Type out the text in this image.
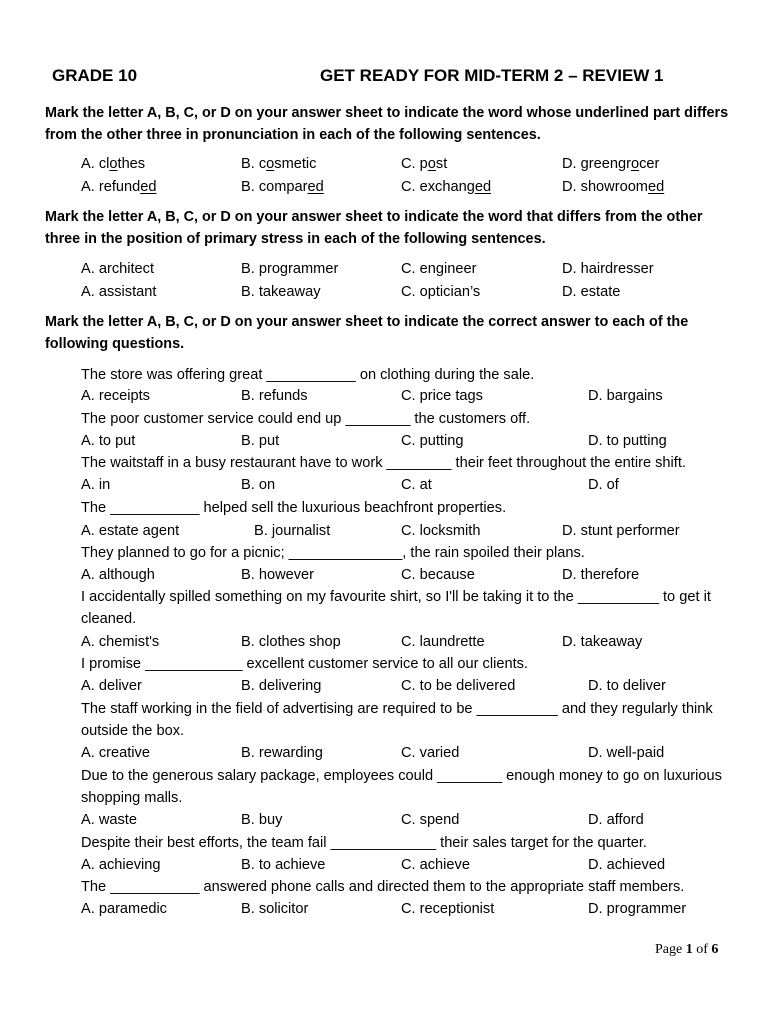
GRADE 10	GET READY FOR MID-TERM 2 – REVIEW 1
Mark the letter A, B, C, or D on your answer sheet to indicate the word whose underlined part differs from the other three in pronunciation in each of the following sentences.
A. clothes	B. cosmetic	C. post	D. greengrocer
A. refunded	B. compared	C. exchanged	D. showroomed
Mark the letter A, B, C, or D on your answer sheet to indicate the word that differs from the other three in the position of primary stress in each of the following sentences.
A. architect	B. programmer	C. engineer	D. hairdresser
A. assistant	B. takeaway	C. optician’s	D. estate
Mark the letter A, B, C, or D on your answer sheet to indicate the correct answer to each of the following questions.
The store was offering great ___________ on clothing during the sale.
A. receipts	B. refunds	C. price tags	D. bargains
The poor customer service could end up ________ the customers off.
A. to put	B. put	C. putting	D. to putting
The waitstaff in a busy restaurant have to work ________ their feet throughout the entire shift.
A. in	B. on	C. at	D. of
The ___________ helped sell the luxurious beachfront properties.
A. estate agent	B. journalist	C. locksmith	D. stunt performer
They planned to go for a picnic; ______________, the rain spoiled their plans.
A. although	B. however	C. because	D. therefore
I accidentally spilled something on my favourite shirt, so I'll be taking it to the __________ to get it cleaned.
A. chemist's	B. clothes shop	C. laundrette	D. takeaway
I promise ____________ excellent customer service to all our clients.
A. deliver	B. delivering	C. to be delivered	D. to deliver
The staff working in the field of advertising are required to be __________ and they regularly think outside the box.
A. creative	B. rewarding	C. varied	D. well-paid
Due to the generous salary package, employees could ________ enough money to go on luxurious shopping malls.
A. waste	B. buy	C. spend	D. afford
Despite their best efforts, the team fail _____________ their sales target for the quarter.
A. achieving	B. to achieve	C. achieve	D. achieved
The ___________ answered phone calls and directed them to the appropriate staff members.
A. paramedic	B. solicitor	C. receptionist	D. programmer
Page 1 of 6
